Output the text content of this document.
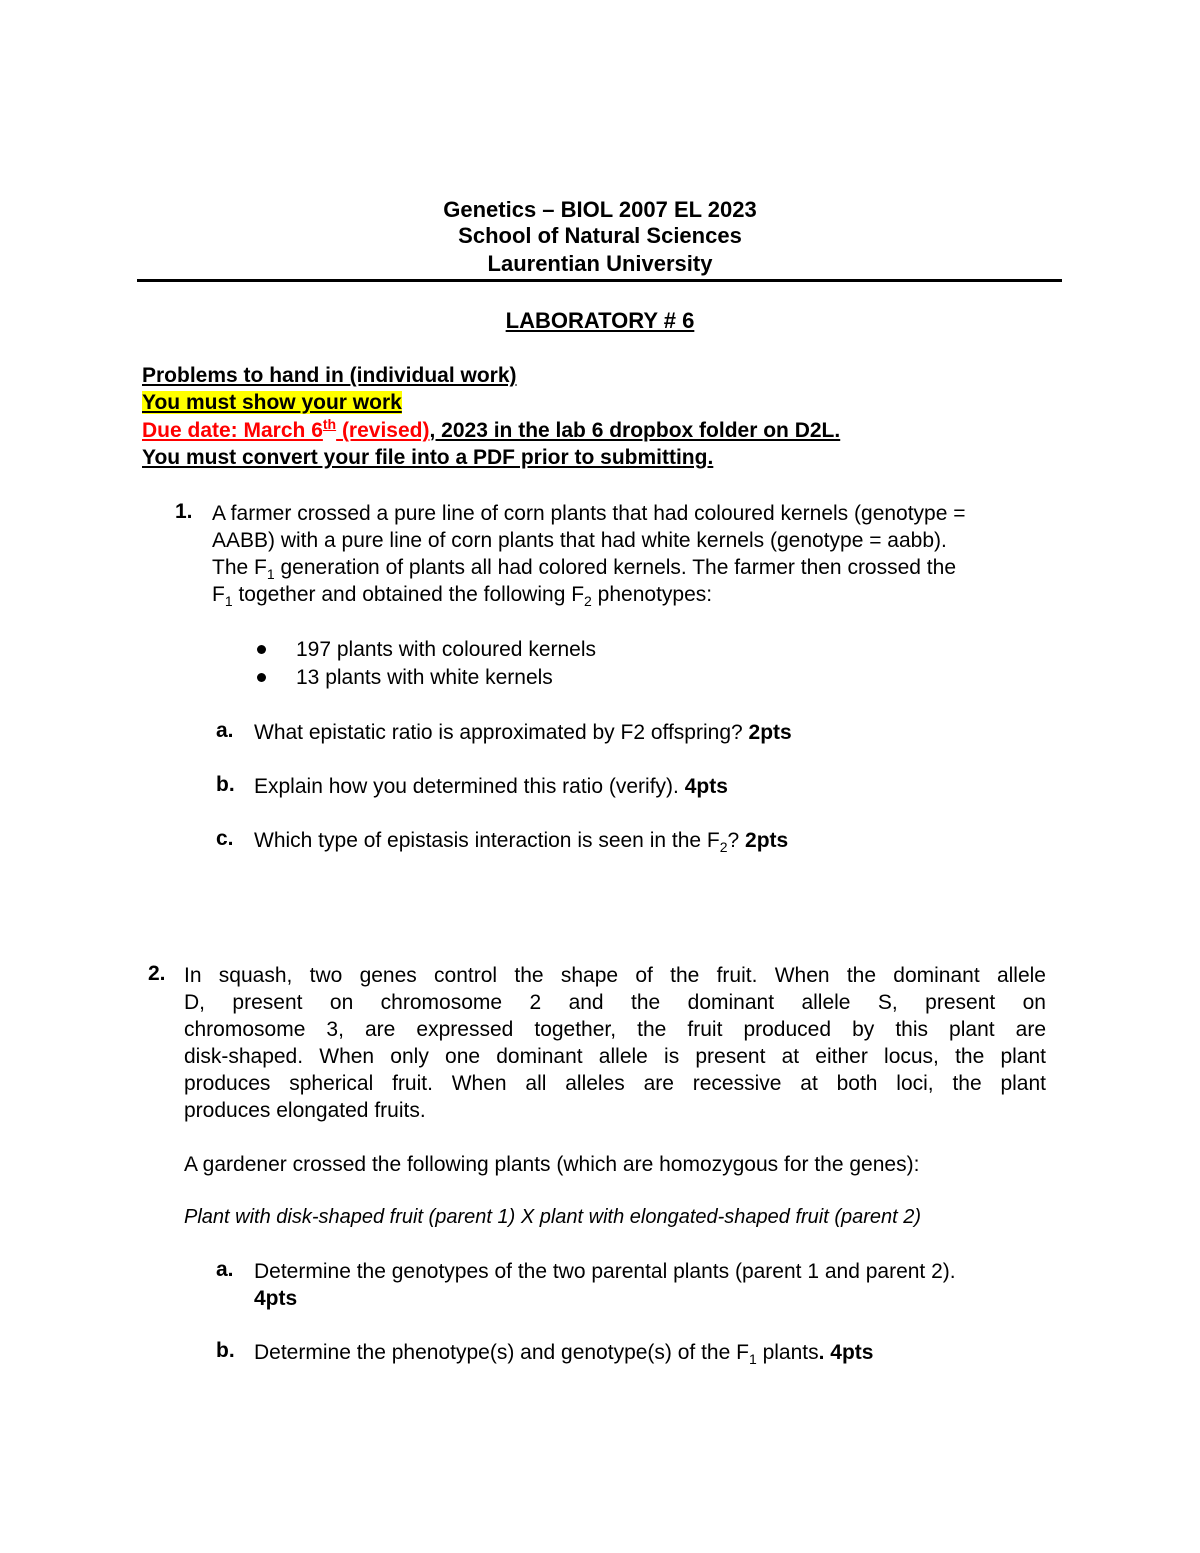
Genetics – BIOL 2007 EL 2023
School of Natural Sciences
Laurentian University
LABORATORY # 6
Problems to hand in (individual work)
You must show your work
Due date: March 6th (revised), 2023 in the lab 6 dropbox folder on D2L.
You must convert your file into a PDF prior to submitting.
1. A farmer crossed a pure line of corn plants that had coloured kernels (genotype =
AABB) with a pure line of corn plants that had white kernels (genotype = aabb).
The $F_1$ generation of plants all had colored kernels. The farmer then crossed the
$F_1$ together and obtained the following $F_2$ phenotypes:
197 plants with coloured kernels
13 plants with white kernels
a. What epistatic ratio is approximated by F2 offspring? 2pts
b. Explain how you determined this ratio (verify). 4pts
c. Which type of epistasis interaction is seen in the $F_2$? 2pts
2. In squash, two genes control the shape of the fruit. When the dominant allele
D, present on chromosome 2 and the dominant allele S, present on
chromosome 3, are expressed together, the fruit produced by this plant are
disk-shaped. When only one dominant allele is present at either locus, the plant
produces spherical fruit. When all alleles are recessive at both loci, the plant
produces elongated fruits.
A gardener crossed the following plants (which are homozygous for the genes):
Plant with disk-shaped fruit (parent 1) X plant with elongated-shaped fruit (parent 2)
a. Determine the genotypes of the two parental plants (parent 1 and parent 2).
4pts
b. Determine the phenotype(s) and genotype(s) of the $F_1$ plants. 4pts
